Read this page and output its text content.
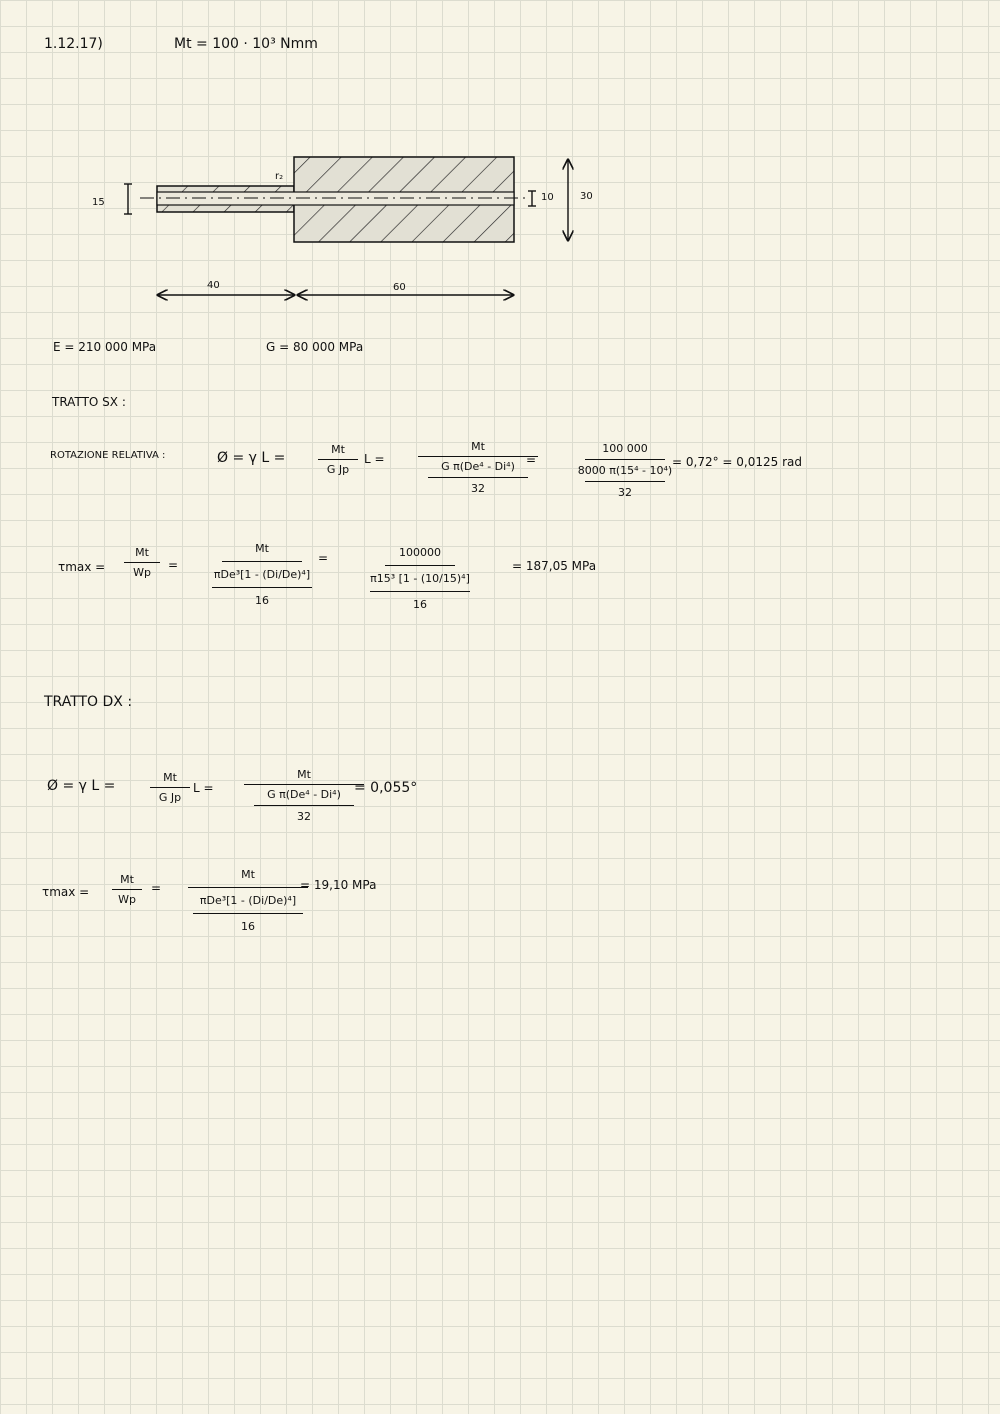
1.12.17)	Mt = 100 · 10³ Nmm
15	10	30
r₂
40	60
E = 210 000 MPa	G = 80 000 MPa
TRATTO SX :
ROTAZIONE RELATIVA :	Ø = γ L =
Mt
G Jp
L =
Mt
G π(De⁴ - Di⁴)
32
=
100 000
8000 π(15⁴ - 10⁴)
32
= 0,72° = 0,0125 rad
τmax =
Mt
Wp
=
Mt
πDe³[1 - (Di/De)⁴]
16
=	100000
π15³ [1 - (10/15)⁴]
16
= 187,05 MPa
TRATTO DX :
Ø = γ L =
Mt
G Jp
L =
Mt
G π(De⁴ - Di⁴)
32
= 0,055°
τmax =
Mt
Wp
=
Mt
πDe³[1 - (Di/De)⁴]
16
= 19,10 MPa
